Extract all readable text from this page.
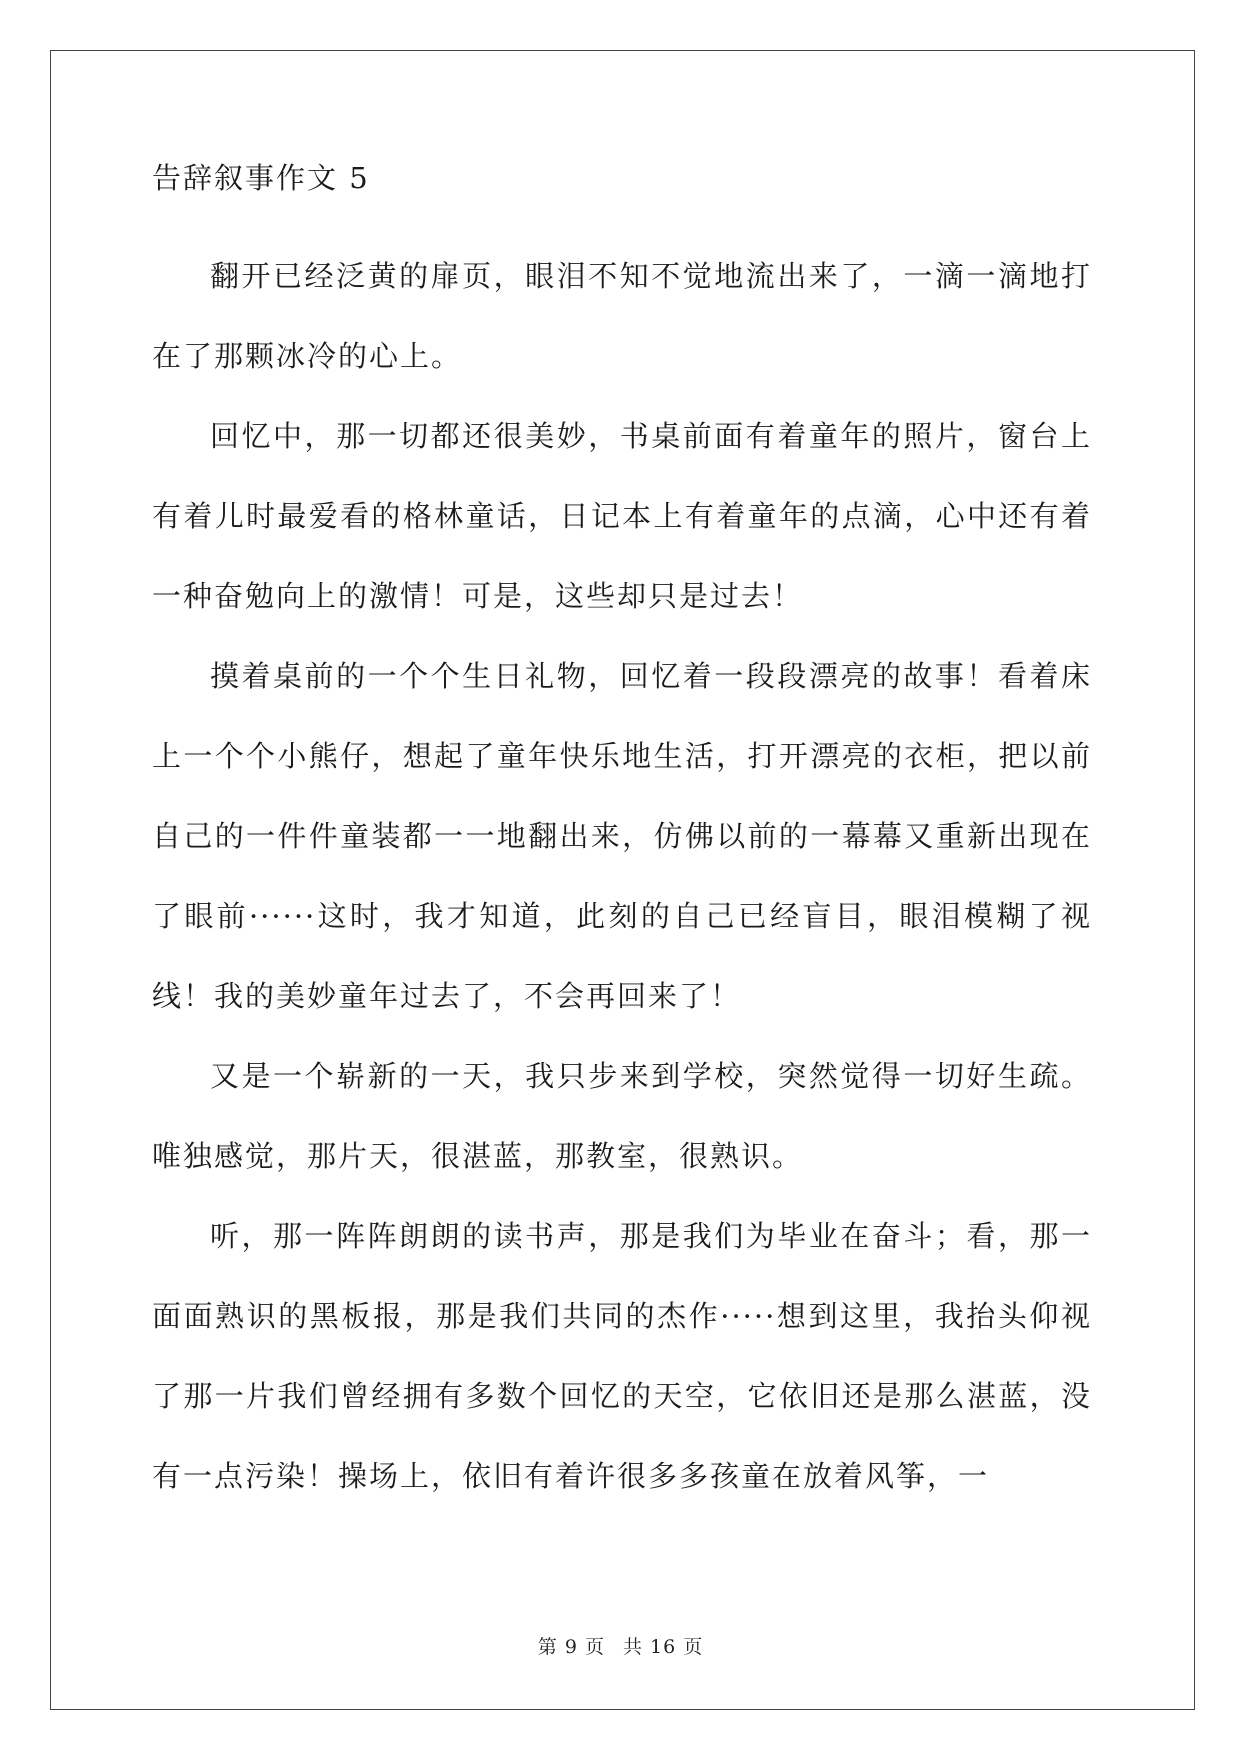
告辞叙事作文 5

翻开已经泛黄的扉页，眼泪不知不觉地流出来了，一滴一滴地打在了那颗冰冷的心上。

回忆中，那一切都还很美妙，书桌前面有着童年的照片，窗台上有着儿时最爱看的格林童话，日记本上有着童年的点滴，心中还有着一种奋勉向上的激情！可是，这些却只是过去！

摸着桌前的一个个生日礼物，回忆着一段段漂亮的故事！看着床上一个个小熊仔，想起了童年快乐地生活，打开漂亮的衣柜，把以前自己的一件件童装都一一地翻出来，仿佛以前的一幕幕又重新出现在了眼前······这时，我才知道，此刻的自己已经盲目，眼泪模糊了视线！我的美妙童年过去了，不会再回来了！

又是一个崭新的一天，我只步来到学校，突然觉得一切好生疏。唯独感觉，那片天，很湛蓝，那教室，很熟识。

听，那一阵阵朗朗的读书声，那是我们为毕业在奋斗；看，那一面面熟识的黑板报，那是我们共同的杰作·····想到这里，我抬头仰视了那一片我们曾经拥有多数个回忆的天空，它依旧还是那么湛蓝，没有一点污染！操场上，依旧有着许很多多孩童在放着风筝，一

第 9 页 共 16 页
